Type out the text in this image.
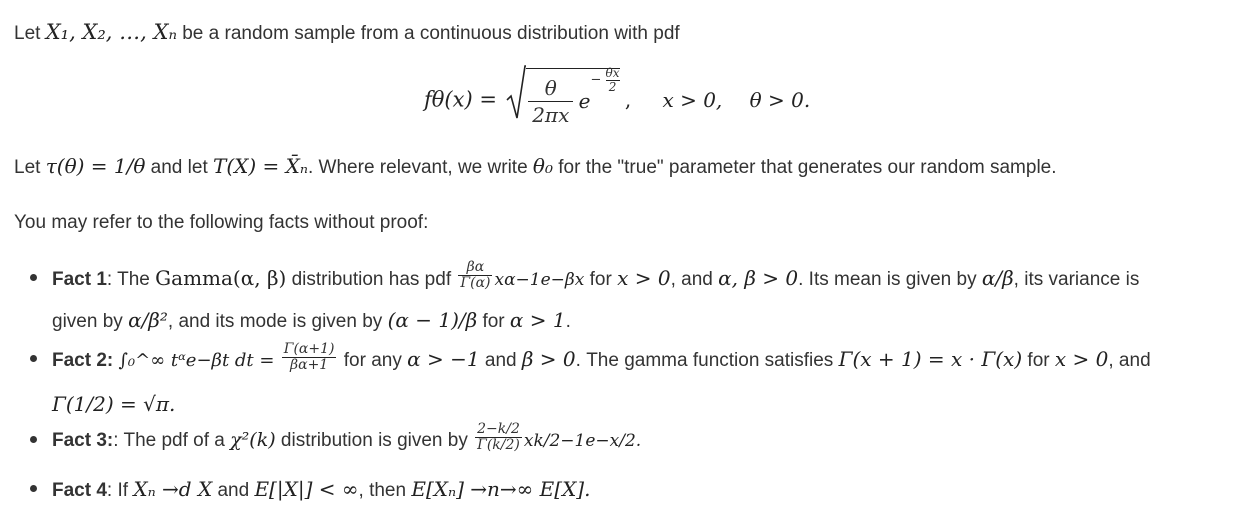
Let X₁, X₂, …, Xₙ be a random sample from a continuous distribution with pdf
$f\theta(x) = \frac{\theta}{2\pi x} e- \frac{\theta x}{2}$
, x > 0, θ > 0.
Let τ(θ) = 1/θ and let T(X) = X̄ₙ. Where relevant, we write θ₀ for the "true" parameter that generates our random sample.
You may refer to the following facts without proof:
Fact 1: The Gamma(α, β) distribution has pdf $\frac{\beta\alpha}{\Gamma(\alpha)} x\alpha-1e-\beta x$ for x > 0, and α, β > 0. Its mean is given by α/β, its variance is
given by α/β², and its mode is given by (α − 1)/β for α > 1.
Fact 2: ∫₀^∞ tᵅe−βt dt = $\frac{\Gamma(\alpha+1)}{\beta\alpha+1}$ for any α > −1 and β > 0. The gamma function satisfies Γ(x + 1) = x · Γ(x) for x > 0, and
Γ(1/2) = √π.
Fact 3:: The pdf of a χ²(k) distribution is given by $\frac{2-k/2}{\Gamma(k/2)} xk/2-1e-x/2$.
Fact 4: If Xₙ →d X and E[|X|] < ∞, then E[Xₙ] →n→∞ E[X].
